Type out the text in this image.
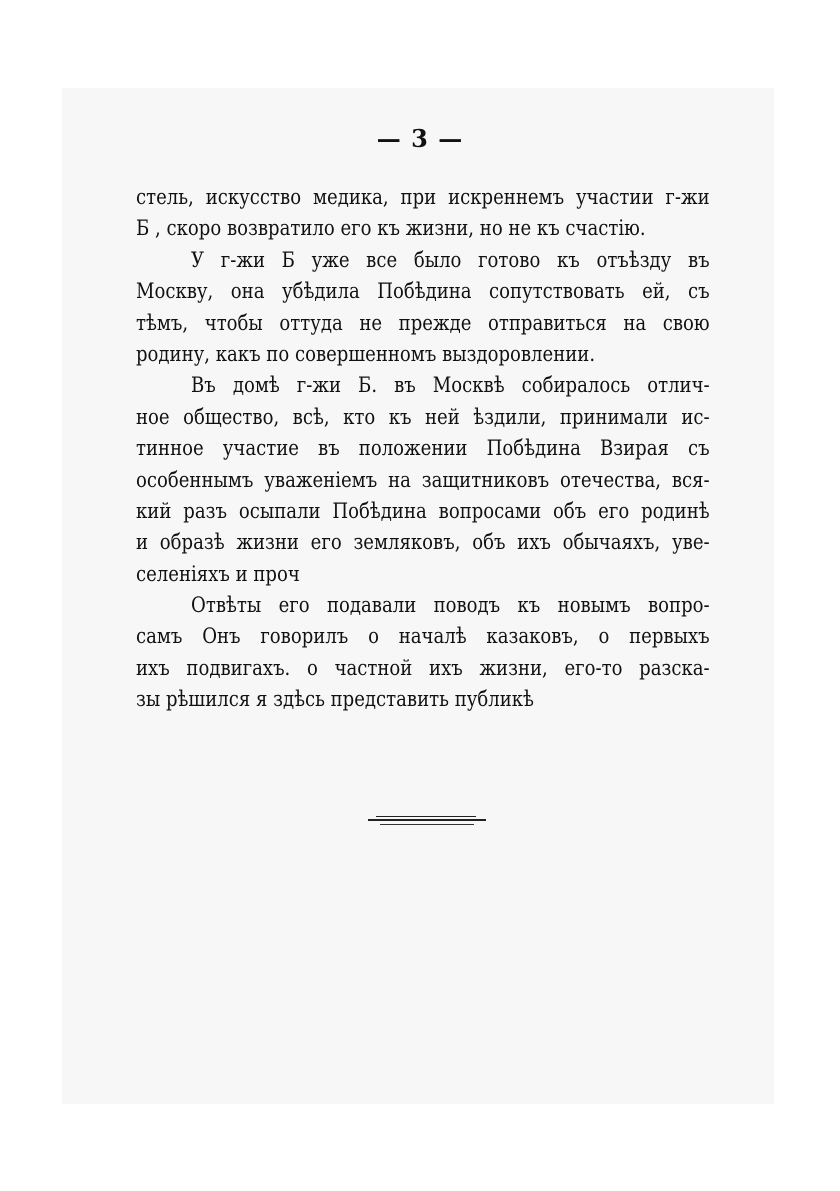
— 3 —
стель, искусство медика, при искреннемъ участии г-жи
Б , скоро возвратило его къ жизни, но не къ счастію.
У г-жи Б уже все было готово къ отъѣзду въ
Москву, она убѣдила Побѣдина сопутствовать ей, съ
тѣмъ, чтобы оттуда не прежде отправиться на свою
родину, какъ по совершенномъ выздоровлении.
Въ домѣ г-жи Б. въ Москвѣ собиралось отлич-
ное общество, всѣ, кто къ ней ѣздили, принимали ис-
тинное участие въ положении Побѣдина Взирая съ
особеннымъ уваженiемъ на защитниковъ отечества, вся-
кий разъ осыпали Побѣдина вопросами объ его родинѣ
и образѣ жизни его земляковъ, объ ихъ обычаяхъ, уве-
селенiяхъ и проч
Отвѣты его подавали поводъ къ новымъ вопро-
самъ Онъ говорилъ о началѣ казаковъ, о первыхъ
ихъ подвигахъ. о частной ихъ жизни, его-то разска-
зы рѣшился я здѣсь представить публикѣ
